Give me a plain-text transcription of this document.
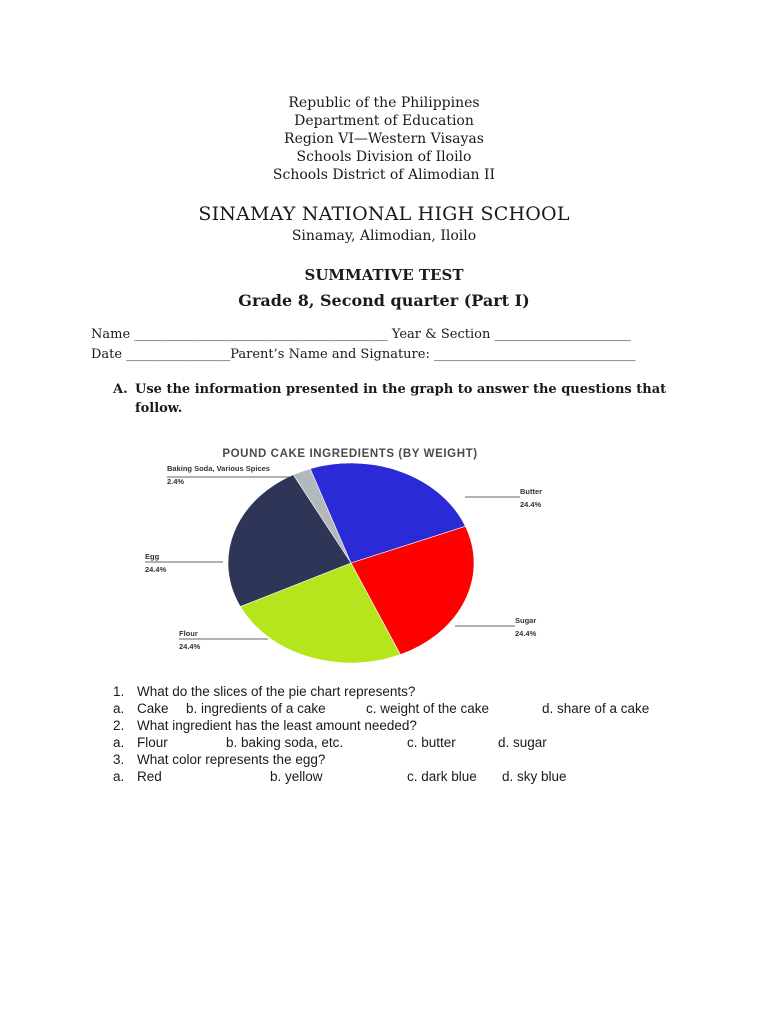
Republic of the Philippines
Department of Education
Region VI—Western Visayas
Schools Division of Iloilo
Schools District of Alimodian II
SINAMAY NATIONAL HIGH SCHOOL
Sinamay, Alimodian, Iloilo
SUMMATIVE TEST
Grade 8, Second quarter (Part I)
Name _______________________________________ Year & Section _____________________
Date ________________Parent’s Name and Signature: _______________________________
A. Use the information presented in the graph to answer the questions that follow.
POUND CAKE INGREDIENTS (BY WEIGHT)
Butter
24.4%
Sugar
24.4%
Flour
24.4%
Egg
24.4%
Baking Soda, Various Spices
2.4%
1. What do the slices of the pie chart represents?
a. Cake b. ingredients of a cake	c. weight of the cake	d. share of a cake
2. What ingredient has the least amount needed?
a. Flour	b. baking soda, etc.	c. butter	d. sugar
3. What color represents the egg?
a. Red	b. yellow	c. dark blue d. sky blue
